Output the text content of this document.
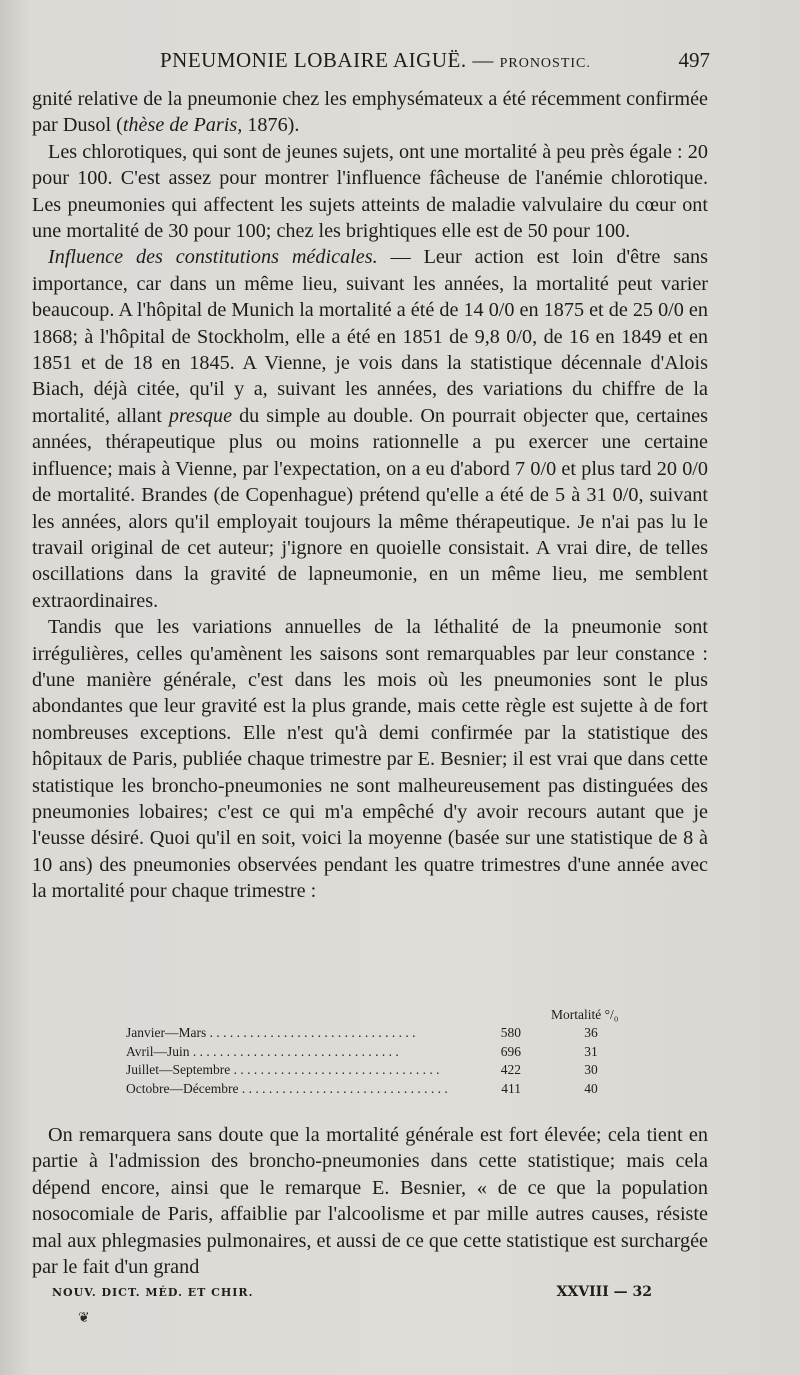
PNEUMONIE LOBAIRE AIGUË. — PRONOSTIC.	497

gnité relative de la pneumonie chez les emphysémateux a été récemment confirmée par Dusol (thèse de Paris, 1876).

Les chlorotiques, qui sont de jeunes sujets, ont une mortalité à peu près égale : 20 pour 100. C'est assez pour montrer l'influence fâcheuse de l'anémie chlorotique. Les pneumonies qui affectent les sujets atteints de maladie valvulaire du cœur ont une mortalité de 30 pour 100; chez les brightiques elle est de 50 pour 100.

Influence des constitutions médicales. — Leur action est loin d'être sans importance, car dans un même lieu, suivant les années, la mortalité peut varier beaucoup. A l'hôpital de Munich la mortalité a été de 14 0/0 en 1875 et de 25 0/0 en 1868; à l'hôpital de Stockholm, elle a été en 1851 de 9,8 0/0, de 16 en 1849 et en 1851 et de 18 en 1845. A Vienne, je vois dans la statistique décennale d'Alois Biach, déjà citée, qu'il y a, suivant les années, des variations du chiffre de la mortalité, allant presque du simple au double. On pourrait objecter que, certaines années, thérapeutique plus ou moins rationnelle a pu exercer une certaine influence; mais à Vienne, par l'expectation, on a eu d'abord 7 0/0 et plus tard 20 0/0 de mortalité. Brandes (de Copenhague) prétend qu'elle a été de 5 à 31 0/0, suivant les années, alors qu'il employait toujours la même thérapeutique. Je n'ai pas lu le travail original de cet auteur; j'ignore en quoielle consistait. A vrai dire, de telles oscillations dans la gravité de lapneumonie, en un même lieu, me semblent extraordinaires.

Tandis que les variations annuelles de la léthalité de la pneumonie sont irrégulières, celles qu'amènent les saisons sont remarquables par leur constance : d'une manière générale, c'est dans les mois où les pneumonies sont le plus abondantes que leur gravité est la plus grande, mais cette règle est sujette à de fort nombreuses exceptions. Elle n'est qu'à demi confirmée par la statistique des hôpitaux de Paris, publiée chaque trimestre par E. Besnier; il est vrai que dans cette statistique les broncho-pneumonies ne sont malheureusement pas distinguées des pneumonies lobaires; c'est ce qui m'a empêché d'y avoir recours autant que je l'eusse désiré. Quoi qu'il en soit, voici la moyenne (basée sur une statistique de 8 à 10 ans) des pneumonies observées pendant les quatre trimestres d'une année avec la mortalité pour chaque trimestre :

Mortalité °/₀
Janvier—Mars . . . . . . . . . . . . . . . . . . . . . . . . . . . . . . .	580	36
Avril—Juin . . . . . . . . . . . . . . . . . . . . . . . . . . . . . . .	696	31
Juillet—Septembre . . . . . . . . . . . . . . . . . . . . . . . . . . . . . . .	422	30
Octobre—Décembre . . . . . . . . . . . . . . . . . . . . . . . . . . . . . . .	411	40

On remarquera sans doute que la mortalité générale est fort élevée; cela tient en partie à l'admission des broncho-pneumonies dans cette statistique; mais cela dépend encore, ainsi que le remarque E. Besnier, « de ce que la population nosocomiale de Paris, affaiblie par l'alcoolisme et par mille autres causes, résiste mal aux phlegmasies pulmonaires, et aussi de ce que cette statistique est surchargée par le fait d'un grand

NOUV. DICT. MÉD. ET CHIR.	XXVIII — 32
❦
